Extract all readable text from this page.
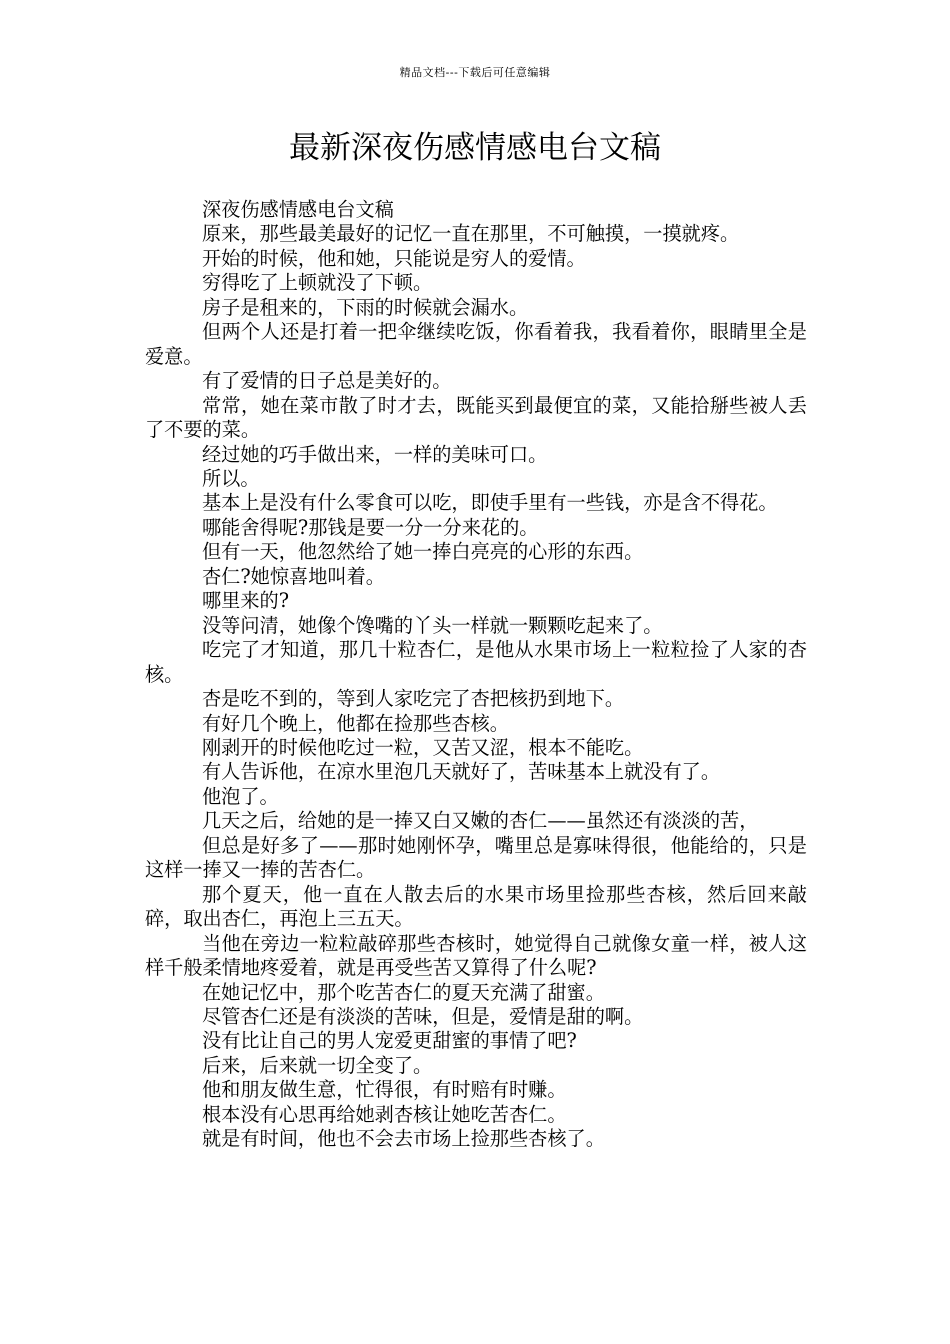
精品文档---下载后可任意编辑
最新深夜伤感情感电台文稿

深夜伤感情感电台文稿

原来，那些最美最好的记忆一直在那里，不可触摸，一摸就疼。

开始的时候，他和她，只能说是穷人的爱情。

穷得吃了上顿就没了下顿。

房子是租来的，下雨的时候就会漏水。

但两个人还是打着一把伞继续吃饭，你看着我，我看着你，眼睛里全是爱意。

有了爱情的日子总是美好的。

常常，她在菜市散了时才去，既能买到最便宜的菜，又能拾掰些被人丢了不要的菜。

经过她的巧手做出来，一样的美味可口。

所以。

基本上是没有什么零食可以吃，即使手里有一些钱，亦是含不得花。

哪能舍得呢?那钱是要一分一分来花的。

但有一天，他忽然给了她一捧白亮亮的心形的东西。

杏仁?她惊喜地叫着。

哪里来的?

没等问清，她像个馋嘴的丫头一样就一颗颗吃起来了。

吃完了才知道，那几十粒杏仁，是他从水果市场上一粒粒捡了人家的杏核。

杏是吃不到的，等到人家吃完了杏把核扔到地下。

有好几个晚上，他都在捡那些杏核。

刚剥开的时候他吃过一粒，又苦又涩，根本不能吃。

有人告诉他，在凉水里泡几天就好了，苦味基本上就没有了。

他泡了。

几天之后，给她的是一捧又白又嫩的杏仁——虽然还有淡淡的苦，

但总是好多了——那时她刚怀孕，嘴里总是寡味得很，他能给的，只是这样一捧又一捧的苦杏仁。

那个夏天，他一直在人散去后的水果市场里捡那些杏核，然后回来敲碎，取出杏仁，再泡上三五天。

当他在旁边一粒粒敲碎那些杏核时，她觉得自己就像女童一样，被人这样千般柔情地疼爱着，就是再受些苦又算得了什么呢?

在她记忆中，那个吃苦杏仁的夏天充满了甜蜜。

尽管杏仁还是有淡淡的苦味，但是，爱情是甜的啊。

没有比让自己的男人宠爱更甜蜜的事情了吧?

后来，后来就一切全变了。

他和朋友做生意，忙得很，有时赔有时赚。

根本没有心思再给她剥杏核让她吃苦杏仁。

就是有时间，他也不会去市场上捡那些杏核了。
